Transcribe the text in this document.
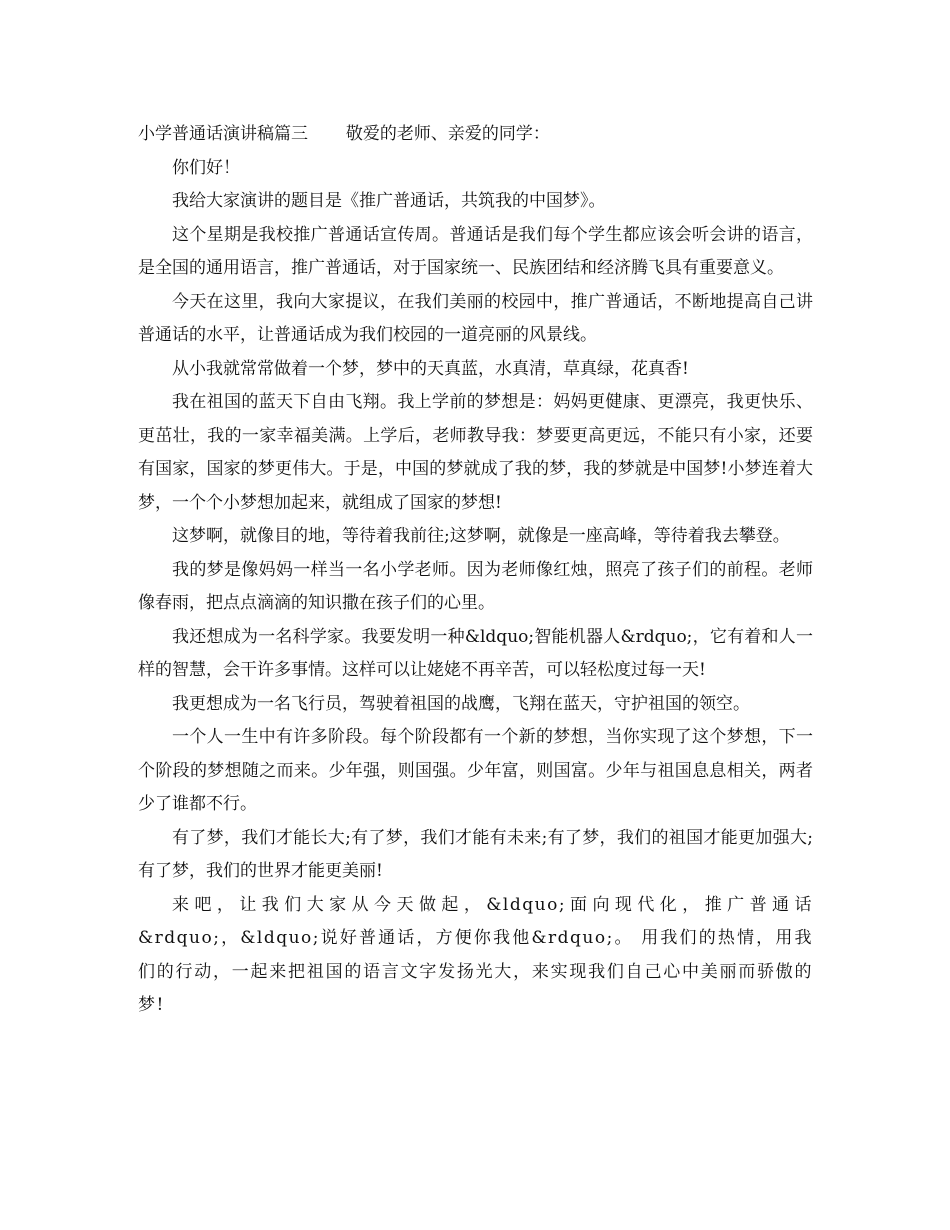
小学普通话演讲稿篇三       敬爱的老师、亲爱的同学：

你们好！

我给大家演讲的题目是《推广普通话，共筑我的中国梦》。

这个星期是我校推广普通话宣传周。普通话是我们每个学生都应该会听会讲的语言，是全国的通用语言，推广普通话，对于国家统一、民族团结和经济腾飞具有重要意义。

今天在这里，我向大家提议，在我们美丽的校园中，推广普通话，不断地提高自己讲普通话的水平，让普通话成为我们校园的一道亮丽的风景线。

从小我就常常做着一个梦，梦中的天真蓝，水真清，草真绿，花真香!

我在祖国的蓝天下自由飞翔。我上学前的梦想是：妈妈更健康、更漂亮，我更快乐、更茁壮，我的一家幸福美满。上学后，老师教导我：梦要更高更远，不能只有小家，还要有国家，国家的梦更伟大。于是，中国的梦就成了我的梦，我的梦就是中国梦!小梦连着大梦，一个个小梦想加起来，就组成了国家的梦想!

这梦啊，就像目的地，等待着我前往;这梦啊，就像是一座高峰，等待着我去攀登。

我的梦是像妈妈一样当一名小学老师。因为老师像红烛，照亮了孩子们的前程。老师像春雨，把点点滴滴的知识撒在孩子们的心里。

我还想成为一名科学家。我要发明一种&ldquo;智能机器人&rdquo;，它有着和人一样的智慧，会干许多事情。这样可以让姥姥不再辛苦，可以轻松度过每一天!

我更想成为一名飞行员，驾驶着祖国的战鹰，飞翔在蓝天，守护祖国的领空。

一个人一生中有许多阶段。每个阶段都有一个新的梦想，当你实现了这个梦想，下一个阶段的梦想随之而来。少年强，则国强。少年富，则国富。少年与祖国息息相关，两者少了谁都不行。

有了梦，我们才能长大;有了梦，我们才能有未来;有了梦，我们的祖国才能更加强大;有了梦，我们的世界才能更美丽!

来吧，让我们大家从今天做起，&ldquo;面向现代化，推广普通话&rdquo;，&ldquo;说好普通话，方便你我他&rdquo;。 用我们的热情，用我们的行动，一起来把祖国的语言文字发扬光大，来实现我们自己心中美丽而骄傲的梦!
